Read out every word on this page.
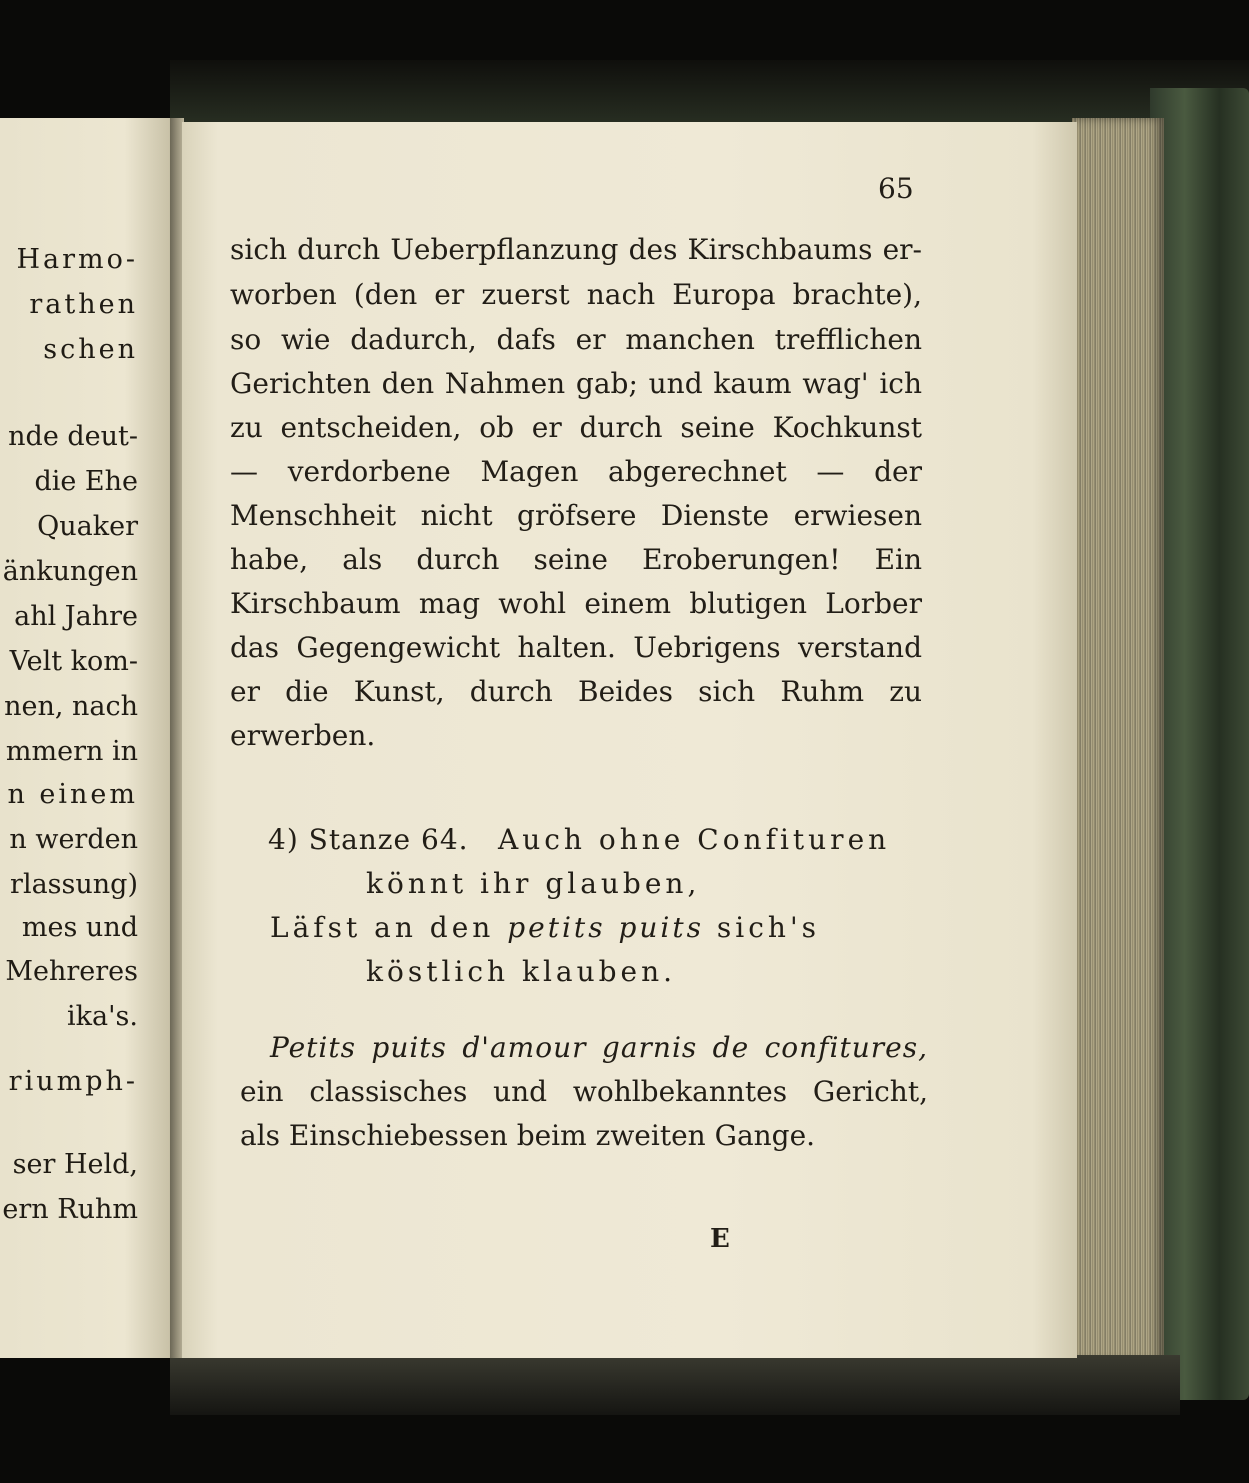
Harmo-
rathen
schen
nde deut-
die Ehe
Quaker
änkungen
ahl Jahre
Velt kom-
nen, nach
mmern in
n einem
n werden
rlassung)
mes und
Mehreres
ika's.
riumph-
ser Held,
ern Ruhm
65
sich durch Ueberpflanzung des Kirschbaums er-
worben (den er zuerst nach Europa brachte),
so wie dadurch, dafs er manchen trefflichen
Gerichten den Nahmen gab; und kaum wag' ich
zu entscheiden, ob er durch seine Kochkunst
— verdorbene Magen abgerechnet — der
Menschheit nicht gröfsere Dienste erwiesen
habe, als durch seine Eroberungen! Ein
Kirschbaum mag wohl einem blutigen Lorber
das Gegengewicht halten. Uebrigens verstand
er die Kunst, durch Beides sich Ruhm zu
erwerben.
4) Stanze 64. Auch ohne Confituren
könnt ihr glauben,
Läfst an den petits puits sich's
köstlich klauben.
Petits puits d'amour garnis de confitures,
ein classisches und wohlbekanntes Gericht,
als Einschiebessen beim zweiten Gange.
E
